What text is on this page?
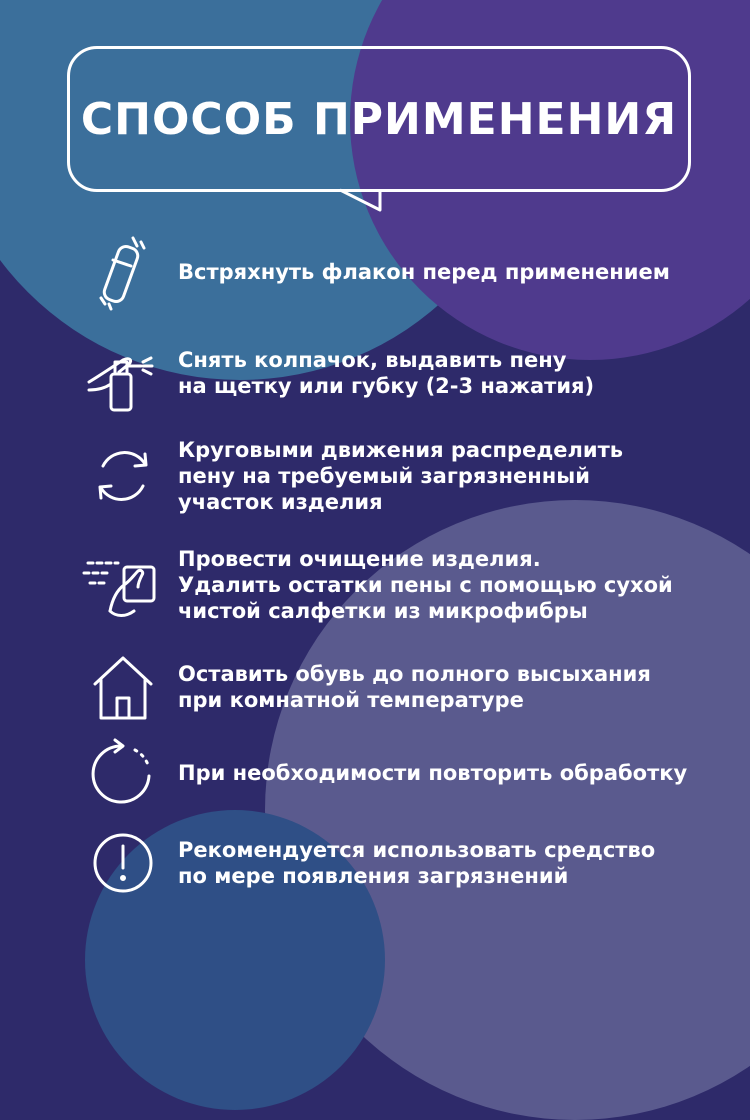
СПОСОБ ПРИМЕНЕНИЯ
Встряхнуть флакон перед применением
Снять колпачок, выдавить пену
на щетку или губку (2-3 нажатия)
Круговыми движения распределить
пену на требуемый загрязненный
участок изделия
Провести очищение изделия.
Удалить остатки пены с помощью сухой
чистой салфетки из микрофибры
Оставить обувь до полного высыхания
при комнатной температуре
При необходимости повторить обработку
Рекомендуется использовать средство
по мере появления загрязнений
